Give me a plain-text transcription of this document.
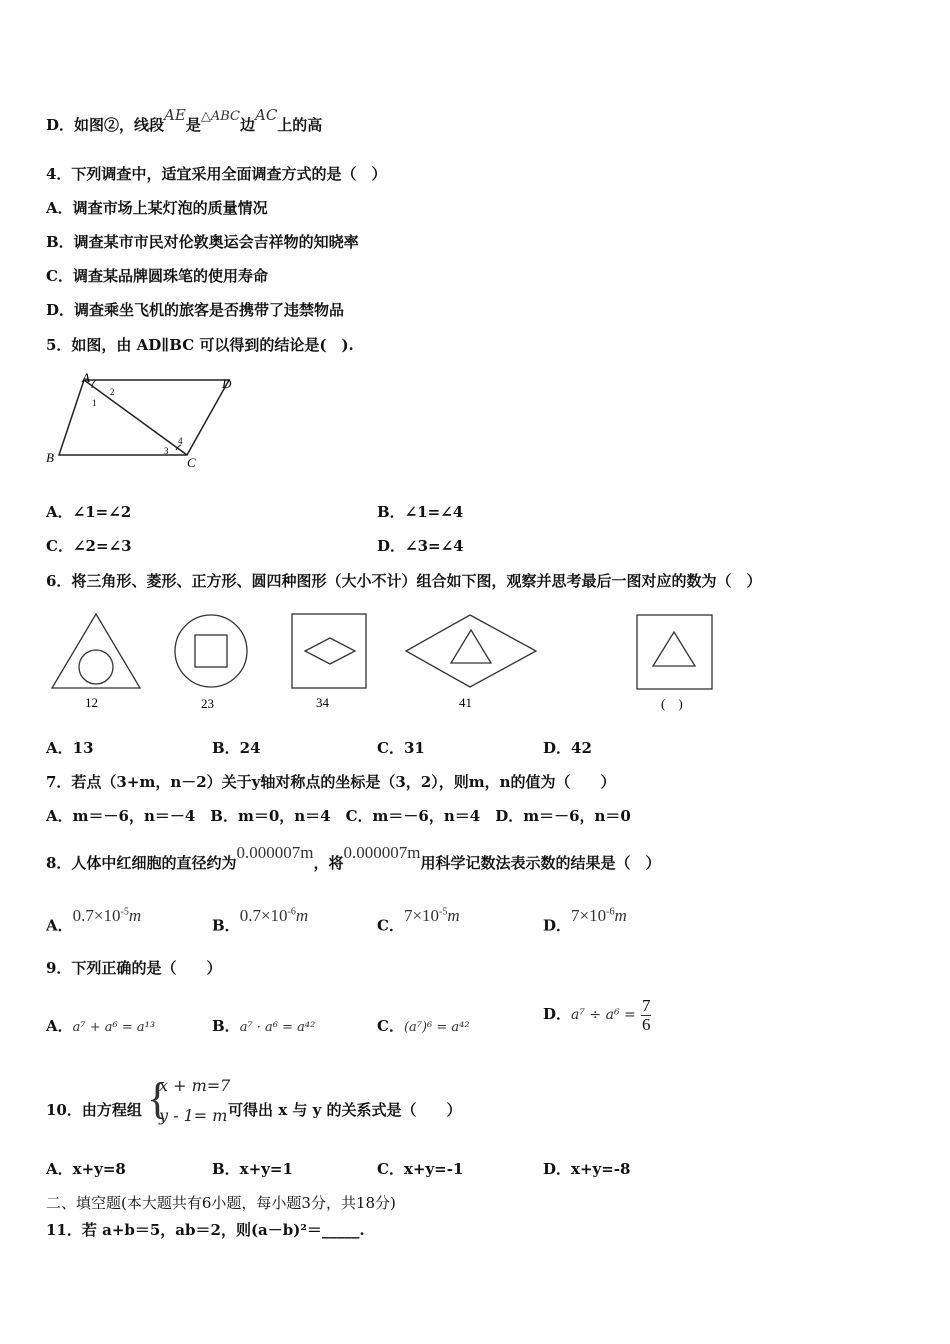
D．如图②，线段AE是△ABC边AC上的高
4．下列调查中，适宜采用全面调查方式的是（　）
A．调查市场上某灯泡的质量情况
B．调查某市市民对伦敦奥运会吉祥物的知晓率
C．调查某品牌圆珠笔的使用寿命
D．调查乘坐飞机的旅客是否携带了违禁物品
5．如图，由 AD∥BC 可以得到的结论是(　).
A	D
B	C
1
2
3
4
A．∠1=∠2	B．∠1=∠4
C．∠2=∠3	D．∠3=∠4
6．将三角形、菱形、正方形、圆四种图形（大小不计）组合如下图，观察并思考最后一图对应的数为（　）
12	23	34	41	(　)
A．13	B．24	C．31	D．42
7．若点（3+m，n－2）关于y轴对称点的坐标是（3，2），则m，n的值为（　　）
A．m＝－6，n＝－4　B．m＝0，n＝4　C．m＝－6，n＝4　D．m＝－6，n＝0
8．人体中红细胞的直径约为0.000007m，将0.000007m用科学记数法表示数的结果是（　）
A．$0.7\times 10^{-5}m$
B．$0.7\times 10^{-6}m$
C．$7\times 10^{-5}m$
D．$7\times 10^{-6}m$
9．下列正确的是（　　）
A．a⁷ + a⁶ = a¹³	B．a⁷ · a⁶ = a⁴²	C．(a⁷)⁶ = a⁴²
D．$a^7 \div a^6 = \frac{7}{6}$
10．由方程组 {
x + m=7
y - 1= m 可得出 x 与 y 的关系式是（　　）
A．x+y=8	B．x+y=1	C．x+y=-1	D．x+y=-8
二、填空题(本大题共有6小题，每小题3分，共18分)
11．若 a+b＝5，ab＝2，则(a－b)²＝_____.
